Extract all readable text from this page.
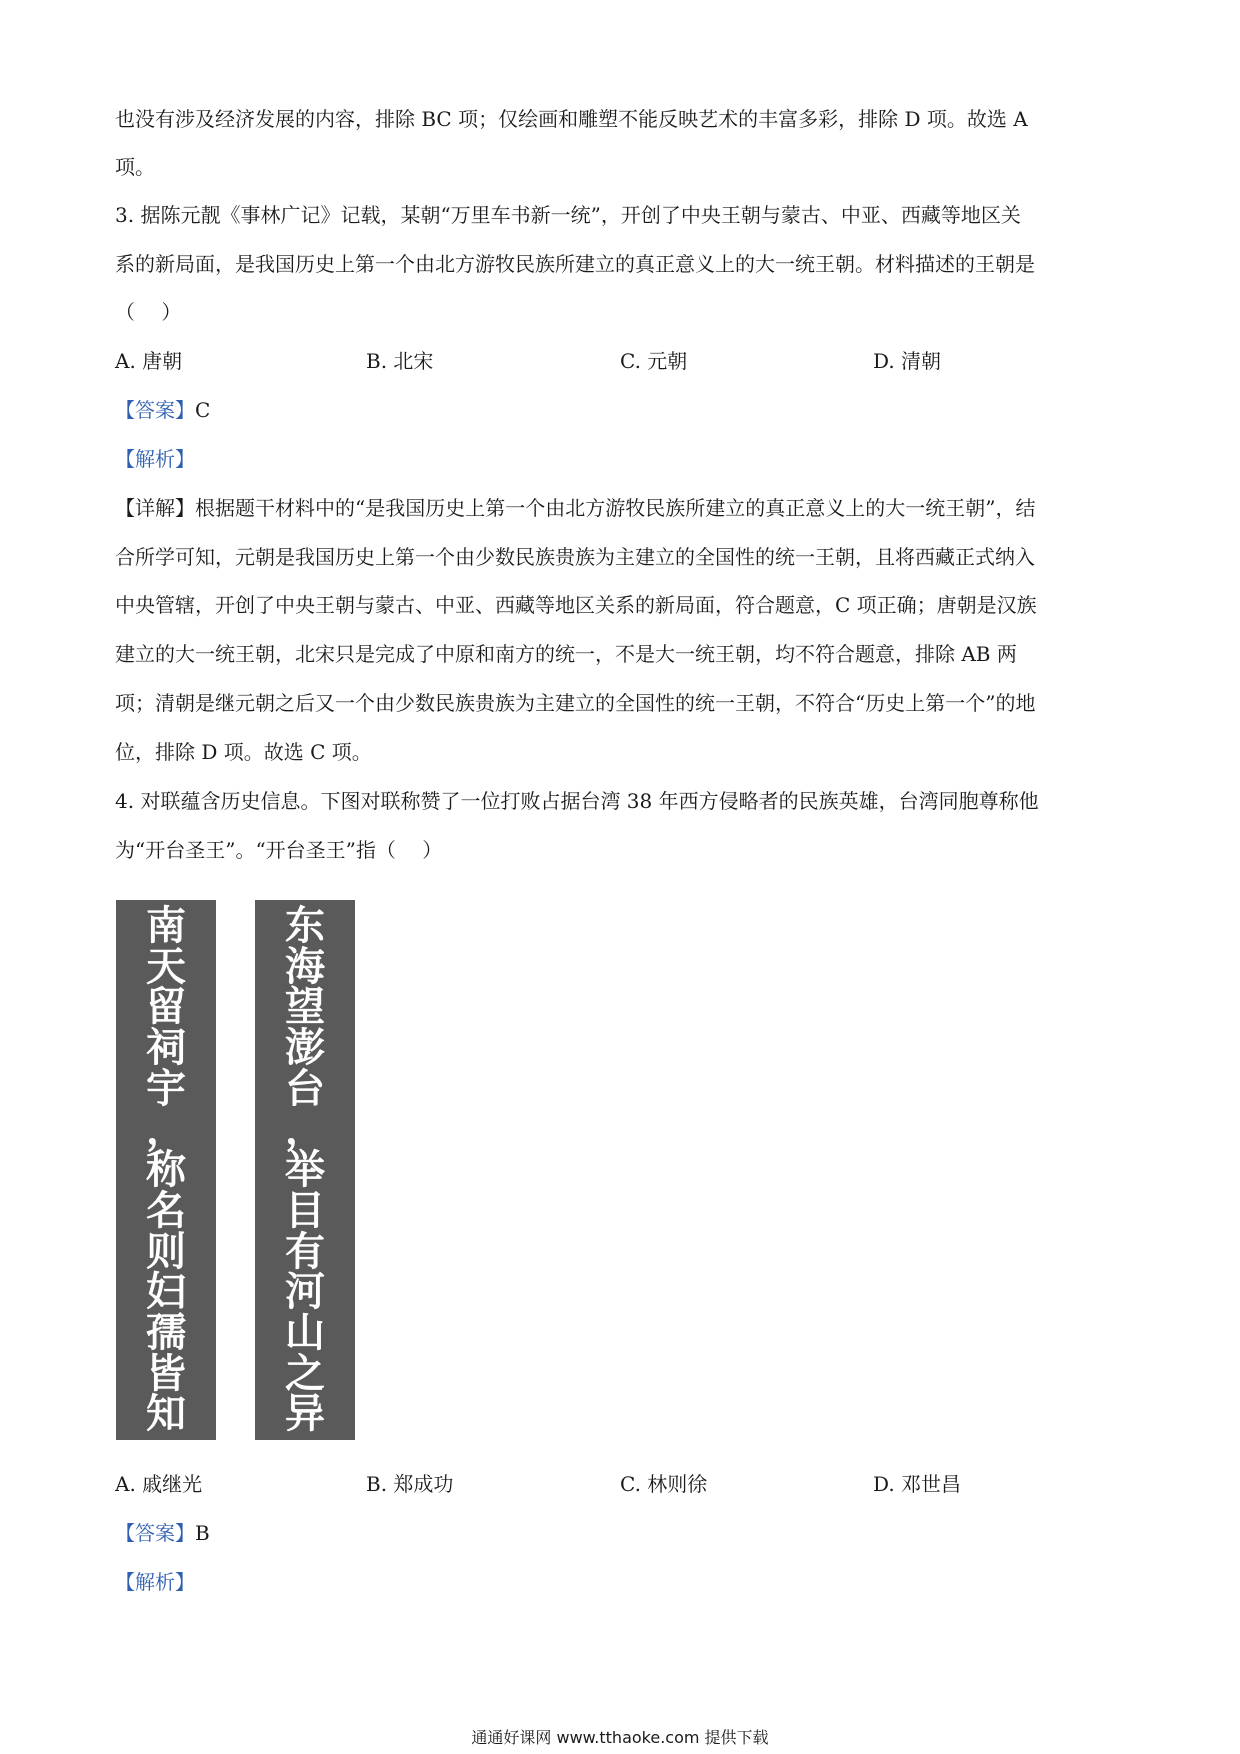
也没有涉及经济发展的内容，排除 BC 项；仅绘画和雕塑不能反映艺术的丰富多彩，排除 D 项。故选 A
项。
3. 据陈元靓《事林广记》记载，某朝“万里车书新一统”，开创了中央王朝与蒙古、中亚、西藏等地区关
系的新局面，是我国历史上第一个由北方游牧民族所建立的真正意义上的大一统王朝。材料描述的王朝是
（　 ）
A. 唐朝	B. 北宋	C. 元朝	D. 清朝
【答案】C
【解析】
【详解】根据题干材料中的“是我国历史上第一个由北方游牧民族所建立的真正意义上的大一统王朝”，结
合所学可知，元朝是我国历史上第一个由少数民族贵族为主建立的全国性的统一王朝，且将西藏正式纳入
中央管辖，开创了中央王朝与蒙古、中亚、西藏等地区关系的新局面，符合题意，C 项正确；唐朝是汉族
建立的大一统王朝，北宋只是完成了中原和南方的统一，不是大一统王朝，均不符合题意，排除 AB 两
项；清朝是继元朝之后又一个由少数民族贵族为主建立的全国性的统一王朝，不符合“历史上第一个”的地
位，排除 D 项。故选 C 项。
4. 对联蕴含历史信息。下图对联称赞了一位打败占据台湾 38 年西方侵略者的民族英雄，台湾同胞尊称他
为“开台圣王”。“开台圣王”指（　 ）
南
天
留
祠
宇
，
称
名
则
妇
孺
皆
知
东
海
望
澎
台
，
举
目
有
河
山
之
异
A. 戚继光	B. 郑成功	C. 林则徐	D. 邓世昌
【答案】B
【解析】
通通好课网 www.tthaoke.com 提供下载
